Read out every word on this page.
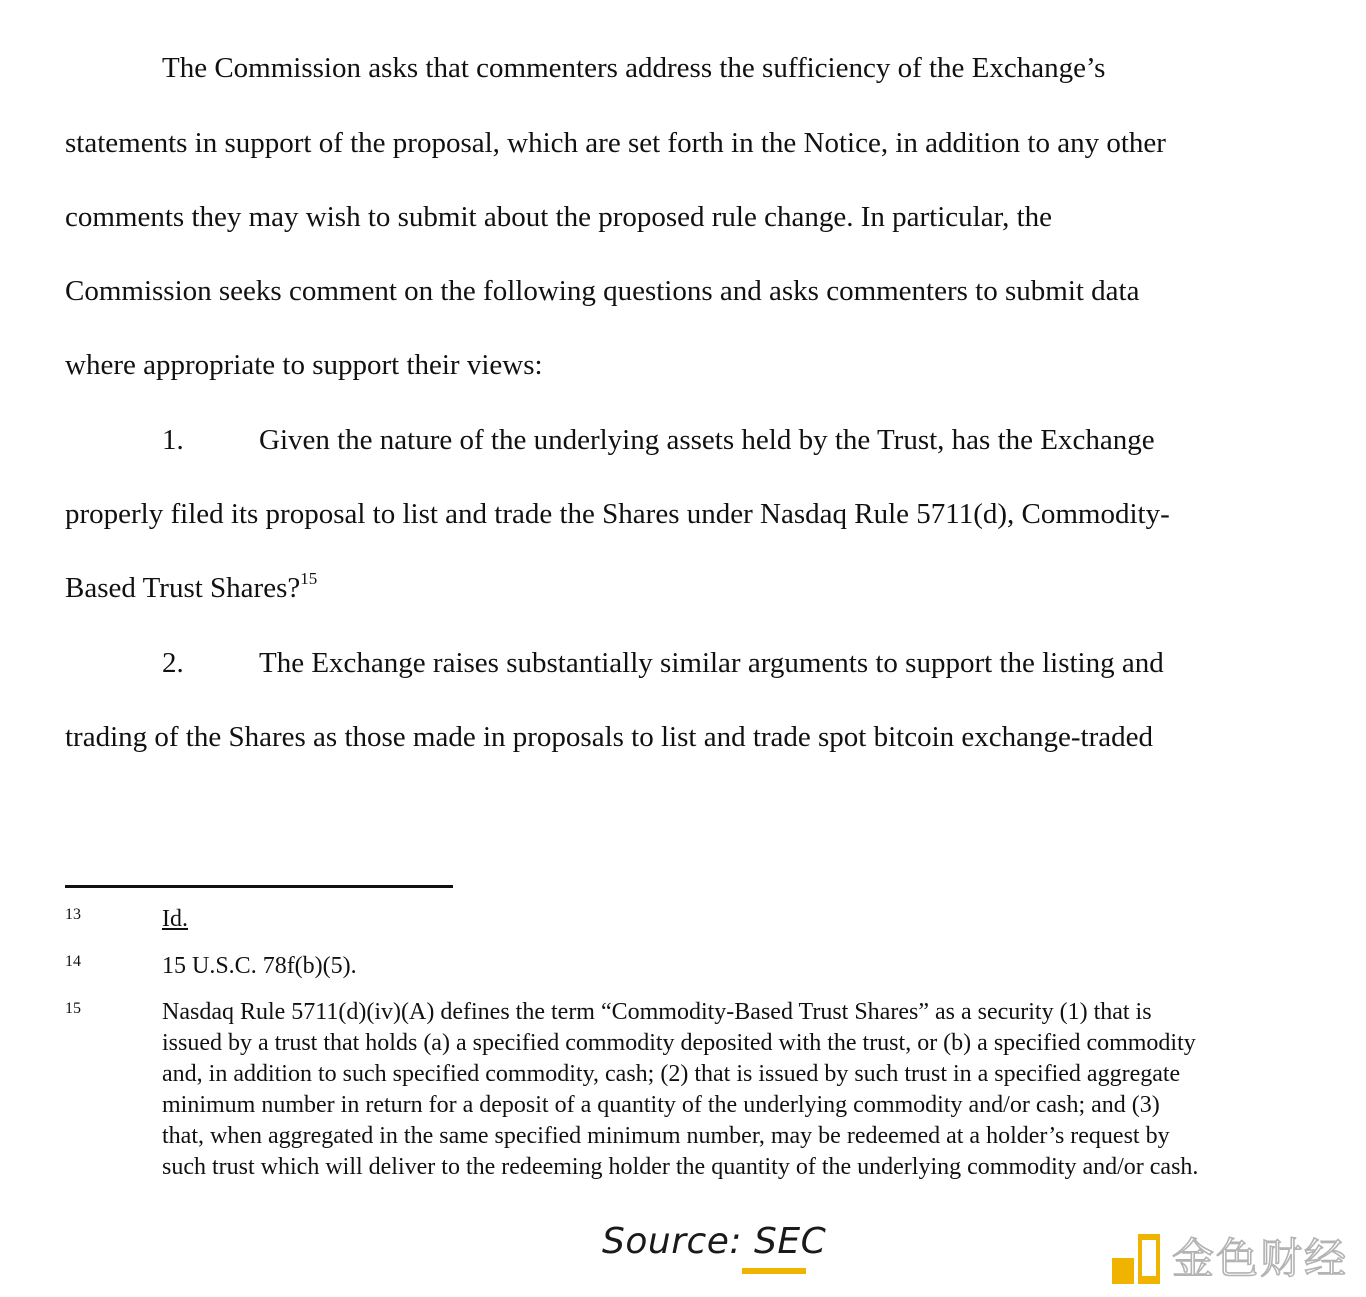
The Commission asks that commenters address the sufficiency of the Exchange’s
statements in support of the proposal, which are set forth in the Notice, in addition to any other
comments they may wish to submit about the proposed rule change. In particular, the
Commission seeks comment on the following questions and asks commenters to submit data
where appropriate to support their views:
1.	Given the nature of the underlying assets held by the Trust, has the Exchange
properly filed its proposal to list and trade the Shares under Nasdaq Rule 5711(d), Commodity-
Based Trust Shares?$^{15}$
2.	The Exchange raises substantially similar arguments to support the listing and
trading of the Shares as those made in proposals to list and trade spot bitcoin exchange-traded
13	Id.
14	15 U.S.C. 78f(b)(5).
15	Nasdaq Rule 5711(d)(iv)(A) defines the term “Commodity-Based Trust Shares” as a security (1) that is
issued by a trust that holds (a) a specified commodity deposited with the trust, or (b) a specified commodity
and, in addition to such specified commodity, cash; (2) that is issued by such trust in a specified aggregate
minimum number in return for a deposit of a quantity of the underlying commodity and/or cash; and (3)
that, when aggregated in the same specified minimum number, may be redeemed at a holder’s request by
such trust which will deliver to the redeeming holder the quantity of the underlying commodity and/or cash.
Source: SEC	金色财经
